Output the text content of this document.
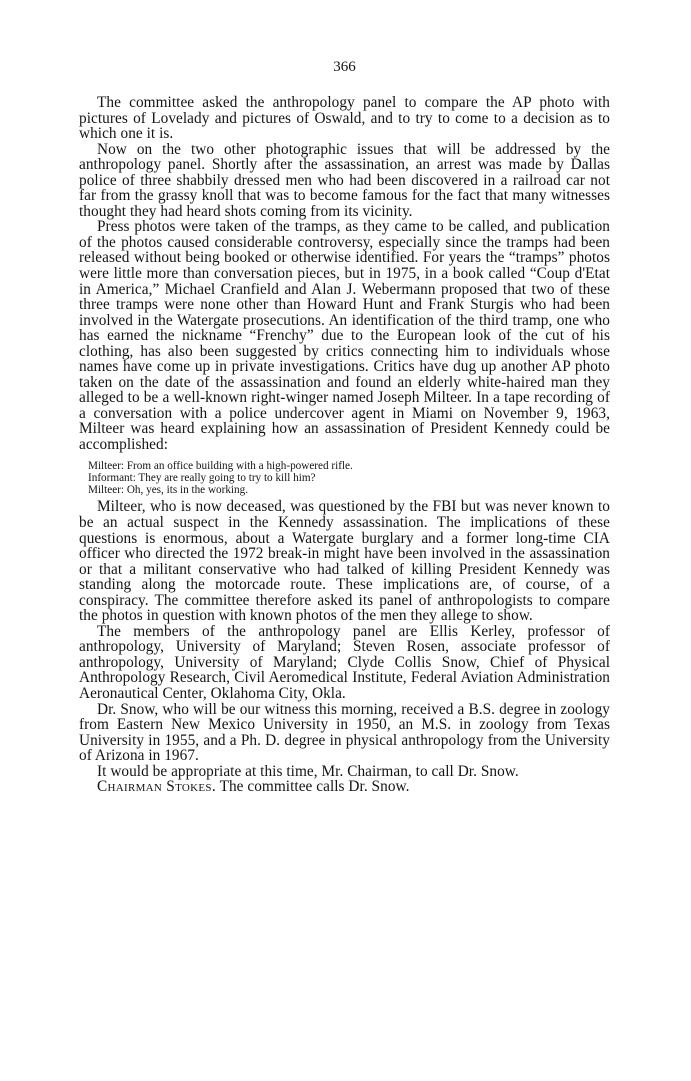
366

The committee asked the anthropology panel to compare the AP photo with pictures of Lovelady and pictures of Oswald, and to try to come to a decision as to which one it is.

Now on the two other photographic issues that will be addressed by the anthropology panel. Shortly after the assassination, an arrest was made by Dallas police of three shabbily dressed men who had been discovered in a railroad car not far from the grassy knoll that was to become famous for the fact that many witnesses thought they had heard shots coming from its vicinity.

Press photos were taken of the tramps, as they came to be called, and publication of the photos caused considerable controversy, especially since the tramps had been released without being booked or otherwise identified. For years the “tramps” photos were little more than conversation pieces, but in 1975, in a book called “Coup d'Etat in America,” Michael Cranfield and Alan J. Webermann proposed that two of these three tramps were none other than Howard Hunt and Frank Sturgis who had been involved in the Watergate prosecutions. An identification of the third tramp, one who has earned the nickname “Frenchy” due to the European look of the cut of his clothing, has also been suggested by critics connecting him to individuals whose names have come up in private investigations. Critics have dug up another AP photo taken on the date of the assassination and found an elderly white-haired man they alleged to be a well-known right-winger named Joseph Milteer. In a tape recording of a conversation with a police undercover agent in Miami on November 9, 1963, Milteer was heard explaining how an assassination of President Kennedy could be accomplished:

Milteer: From an office building with a high-powered rifle.

Informant: They are really going to try to kill him?

Milteer: Oh, yes, its in the working.

Milteer, who is now deceased, was questioned by the FBI but was never known to be an actual suspect in the Kennedy assassination. The implications of these questions is enormous, about a Watergate burglary and a former long-time CIA officer who directed the 1972 break-in might have been involved in the assassination or that a militant conservative who had talked of killing President Kennedy was standing along the motorcade route. These implications are, of course, of a conspiracy. The committee therefore asked its panel of anthropologists to compare the photos in question with known photos of the men they allege to show.

The members of the anthropology panel are Ellis Kerley, professor of anthropology, University of Maryland; Steven Rosen, associate professor of anthropology, University of Maryland; Clyde Collis Snow, Chief of Physical Anthropology Research, Civil Aeromedical Institute, Federal Aviation Administration Aeronautical Center, Oklahoma City, Okla.

Dr. Snow, who will be our witness this morning, received a B.S. degree in zoology from Eastern New Mexico University in 1950, an M.S. in zoology from Texas University in 1955, and a Ph. D. degree in physical anthropology from the University of Arizona in 1967.

It would be appropriate at this time, Mr. Chairman, to call Dr. Snow.

Chairman Stokes. The committee calls Dr. Snow.
